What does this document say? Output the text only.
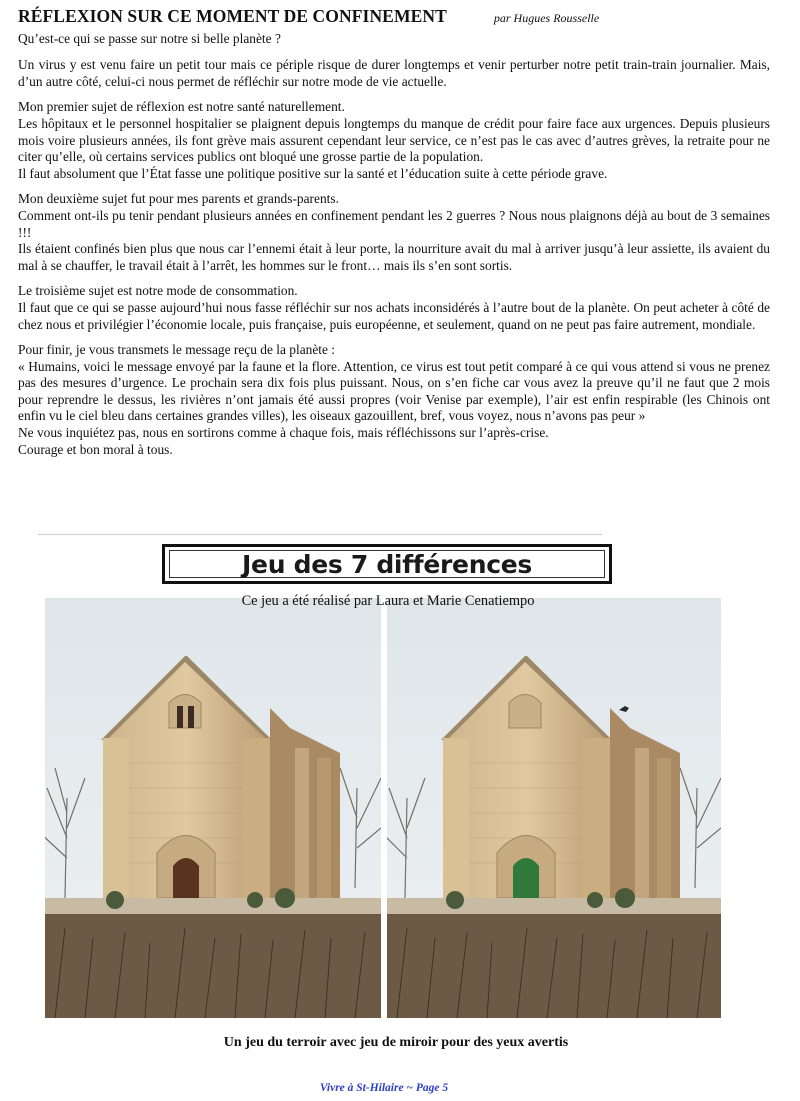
RÉFLEXION SUR CE MOMENT DE CONFINEMENT	par Hugues Rousselle
Qu’est-ce qui se passe sur notre si belle planète ?

Un virus y est venu faire un petit tour mais ce périple risque de durer longtemps et venir perturber notre petit train-train journalier. Mais, d’un autre côté, celui-ci nous permet de réfléchir sur notre mode de vie actuelle.

Mon premier sujet de réflexion est notre santé naturellement.

Les hôpitaux et le personnel hospitalier se plaignent depuis longtemps du manque de crédit pour faire face aux urgences. Depuis plusieurs mois voire plusieurs années, ils font grève mais assurent cependant leur service, ce n’est pas le cas avec d’autres grèves, la retraite pour ne citer qu’elle, où certains services publics ont bloqué une grosse partie de la population.

Il faut absolument que l’État fasse une politique positive sur la santé et l’éducation suite à cette période grave.

Mon deuxième sujet fut pour mes parents et grands-parents.

Comment ont-ils pu tenir pendant plusieurs années en confinement pendant les 2 guerres ? Nous nous plaignons déjà au bout de 3 semaines !!!

Ils étaient confinés bien plus que nous car l’ennemi était à leur porte, la nourriture avait du mal à arriver jusqu’à leur assiette, ils avaient du mal à se chauffer, le travail était à l’arrêt, les hommes sur le front… mais ils s’en sont sortis.

Le troisième sujet est notre mode de consommation.

Il faut que ce qui se passe aujourd’hui nous fasse réfléchir sur nos achats inconsidérés à l’autre bout de la planète. On peut acheter à côté de chez nous et privilégier l’économie locale, puis française, puis européenne, et seulement, quand on ne peut pas faire autrement, mondiale.

Pour finir, je vous transmets le message reçu de la planète :

« Humains, voici le message envoyé par la faune et la flore. Attention, ce virus est tout petit comparé à ce qui vous attend si vous ne prenez pas des mesures d’urgence. Le prochain sera dix fois plus puissant. Nous, on s’en fiche car vous avez la preuve qu’il ne faut que 2 mois pour reprendre le dessus, les rivières n’ont jamais été aussi propres (voir Venise par exemple), l’air est enfin respirable (les Chinois ont enfin vu le ciel bleu dans certaines grandes villes), les oiseaux gazouillent, bref, vous voyez, nous n’avons pas peur »

Ne vous inquiétez pas, nous en sortirons comme à chaque fois, mais réfléchissons sur l’après-crise.

Courage et bon moral à tous.

Jeu des 7 différences
Ce jeu a été réalisé par Laura et Marie Cenatiempo
Un jeu du terroir avec jeu de miroir pour des yeux avertis
Vivre à St-Hilaire ~ Page 5
